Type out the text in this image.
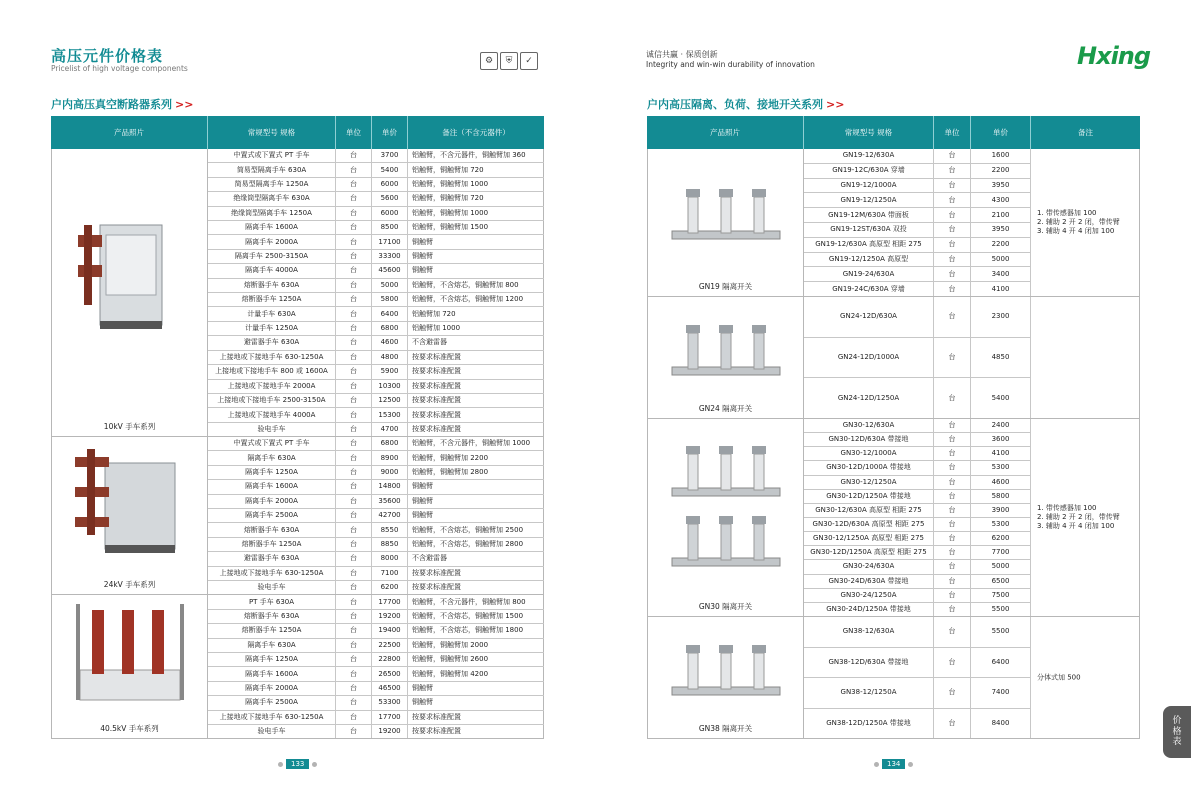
高压元件价格表
Pricelist of high voltage components
⚙	⛨	✓
户内高压真空断路器系列 >>
产品照片	常规型号 规格	单位	单价	备注（不含元器件）
10kV 手车系列
中置式或下置式 PT 手车	台	3700	铝触臂，不含元器件，铜触臂加 360
简易型隔离手车 630A	台	5400	铝触臂，铜触臂加 720
简易型隔离手车 1250A	台	6000	铝触臂，铜触臂加 1000
绝缘筒型隔离手车 630A	台	5600	铝触臂，铜触臂加 720
绝缘筒型隔离手车 1250A	台	6000	铝触臂，铜触臂加 1000
隔离手车 1600A	台	8500	铝触臂，铜触臂加 1500
隔离手车 2000A	台	17100	铜触臂
隔离手车 2500-3150A	台	33300	铜触臂
隔离手车 4000A	台	45600	铜触臂
熔断器手车 630A	台	5000	铝触臂，不含熔芯，铜触臂加 800
熔断器手车 1250A	台	5800	铝触臂，不含熔芯，铜触臂加 1200
计量手车 630A	台	6400	铝触臂加 720
计量手车 1250A	台	6800	铝触臂加 1000
避雷器手车 630A	台	4600	不含避雷器
上接地或下接地手车 630-1250A	台	4800	按要求标准配置
上接地或下接地手车 800 或 1600A	台	5900	按要求标准配置
上接地或下接地手车 2000A	台	10300	按要求标准配置
上接地或下接地手车 2500-3150A	台	12500	按要求标准配置
上接地或下接地手车 4000A	台	15300	按要求标准配置
验电手车	台	4700	按要求标准配置
24kV 手车系列
中置式或下置式 PT 手车	台	6800	铝触臂，不含元器件，铜触臂加 1000
隔离手车 630A	台	8900	铝触臂，铜触臂加 2200
隔离手车 1250A	台	9000	铝触臂，铜触臂加 2800
隔离手车 1600A	台	14800	铜触臂
隔离手车 2000A	台	35600	铜触臂
隔离手车 2500A	台	42700	铜触臂
熔断器手车 630A	台	8550	铝触臂，不含熔芯，铜触臂加 2500
熔断器手车 1250A	台	8850	铝触臂，不含熔芯，铜触臂加 2800
避雷器手车 630A	台	8000	不含避雷器
上接地或下接地手车 630-1250A	台	7100	按要求标准配置
验电手车	台	6200	按要求标准配置
40.5kV 手车系列
PT 手车 630A	台	17700	铝触臂，不含元器件，铜触臂加 800
熔断器手车 630A	台	19200	铝触臂，不含熔芯，铜触臂加 1500
熔断器手车 1250A	台	19400	铝触臂，不含熔芯，铜触臂加 1800
隔离手车 630A	台	22500	铝触臂，铜触臂加 2000
隔离手车 1250A	台	22800	铝触臂，铜触臂加 2600
隔离手车 1600A	台	26500	铝触臂，铜触臂加 4200
隔离手车 2000A	台	46500	铜触臂
隔离手车 2500A	台	53300	铜触臂
上接地或下接地手车 630-1250A	台	17700	按要求标准配置
验电手车	台	19200	按要求标准配置
133
诚信共赢 · 保质创新
Integrity and win-win durability of innovation	Hxing
户内高压隔离、负荷、接地开关系列 >>
产品照片	常规型号 规格	单位	单价	备注
GN19 隔离开关
GN19-12/630A	台	1600
GN19-12C/630A 穿墙	台	2200
GN19-12/1000A	台	3950
GN19-12/1250A	台	4300
GN19-12M/630A 带面板	台	2100
GN19-12ST/630A 双投	台	3950
GN19-12/630A 高原型 相距 275	台	2200
GN19-12/1250A 高原型	台	5000
GN19-24/630A	台	3400
GN19-24C/630A 穿墙	台	4100
1. 带传感器加 100
2. 辅助 2 开 2 闭，带传臂
3. 辅助 4 开 4 闭加 100
GN24 隔离开关
GN24-12D/630A	台	2300
GN24-12D/1000A	台	4850
GN24-12D/1250A	台	5400
GN30 隔离开关
GN30-12/630A	台	2400
GN30-12D/630A 带接地	台	3600
GN30-12/1000A	台	4100
GN30-12D/1000A 带接地	台	5300
GN30-12/1250A	台	4600
GN30-12D/1250A 带接地	台	5800
GN30-12/630A 高原型 相距 275	台	3900
GN30-12D/630A 高原型 相距 275	台	5300
GN30-12/1250A 高原型 相距 275	台	6200
GN30-12D/1250A 高原型 相距 275	台	7700
GN30-24/630A	台	5000
GN30-24D/630A 带接地	台	6500
GN30-24/1250A	台	7500
GN30-24D/1250A 带接地	台	5500
1. 带传感器加 100
2. 辅助 2 开 2 闭，带传臂
3. 辅助 4 开 4 闭加 100
GN38 隔离开关
GN38-12/630A	台	5500
GN38-12D/630A 带接地	台	6400
GN38-12/1250A	台	7400
GN38-12D/1250A 带接地	台	8400
分体式加 500
134
价
格
表
